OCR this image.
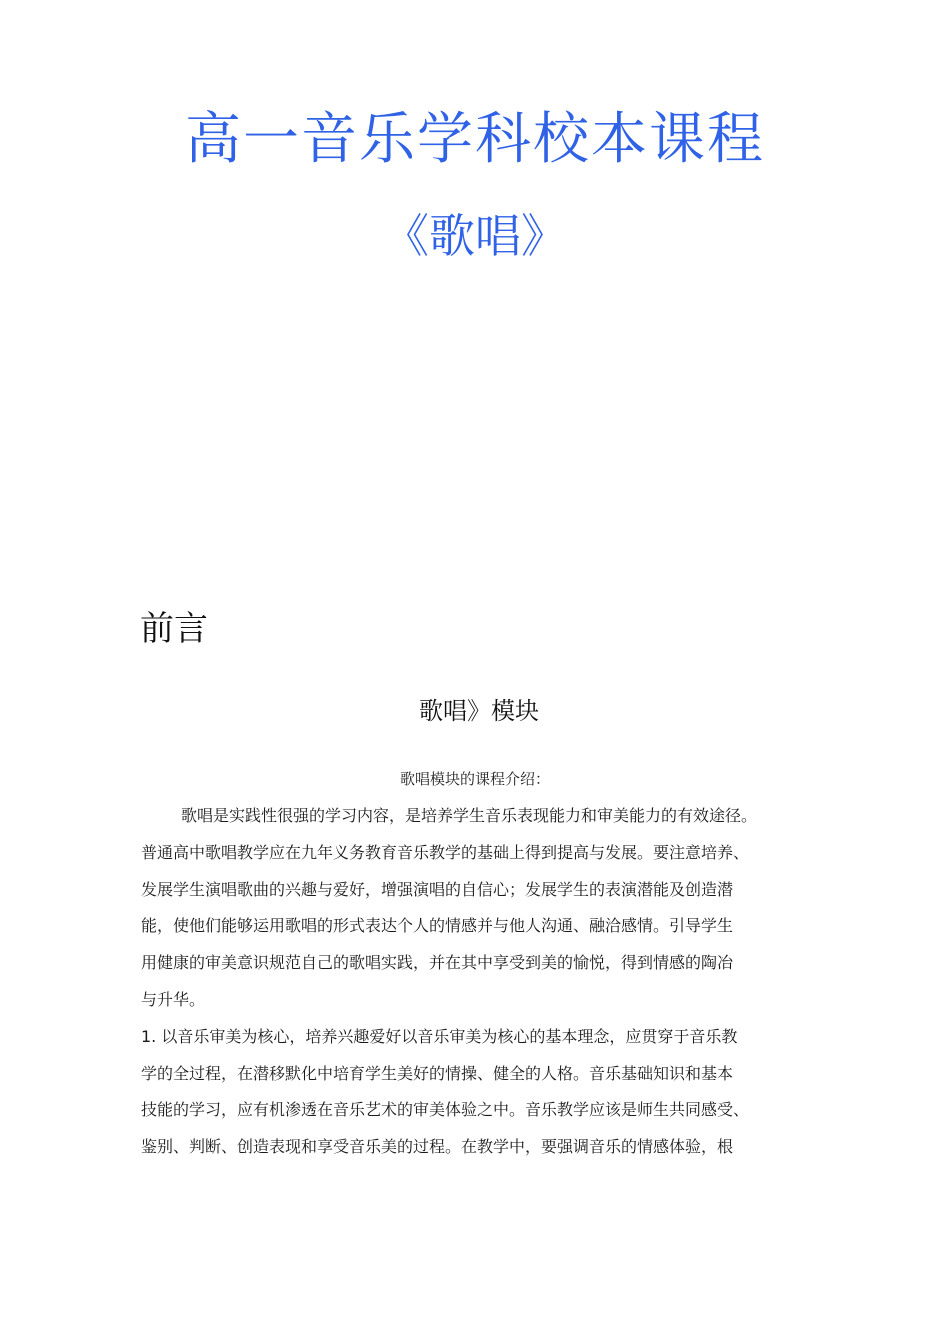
高一音乐学科校本课程
《歌唱》
前言
歌唱》模块
歌唱模块的课程介绍：
歌唱是实践性很强的学习内容，是培养学生音乐表现能力和审美能力的有效途径。
普通高中歌唱教学应在九年义务教育音乐教学的基础上得到提高与发展。要注意培养、
发展学生演唱歌曲的兴趣与爱好，增强演唱的自信心；发展学生的表演潜能及创造潜
能，使他们能够运用歌唱的形式表达个人的情感并与他人沟通、融洽感情。引导学生
用健康的审美意识规范自己的歌唱实践，并在其中享受到美的愉悦，得到情感的陶冶
与升华。
1. 以音乐审美为核心，培养兴趣爱好以音乐审美为核心的基本理念，应贯穿于音乐教
学的全过程，在潜移默化中培育学生美好的情操、健全的人格。音乐基础知识和基本
技能的学习，应有机渗透在音乐艺术的审美体验之中。音乐教学应该是师生共同感受、
鉴别、判断、创造表现和享受音乐美的过程。在教学中，要强调音乐的情感体验，根
